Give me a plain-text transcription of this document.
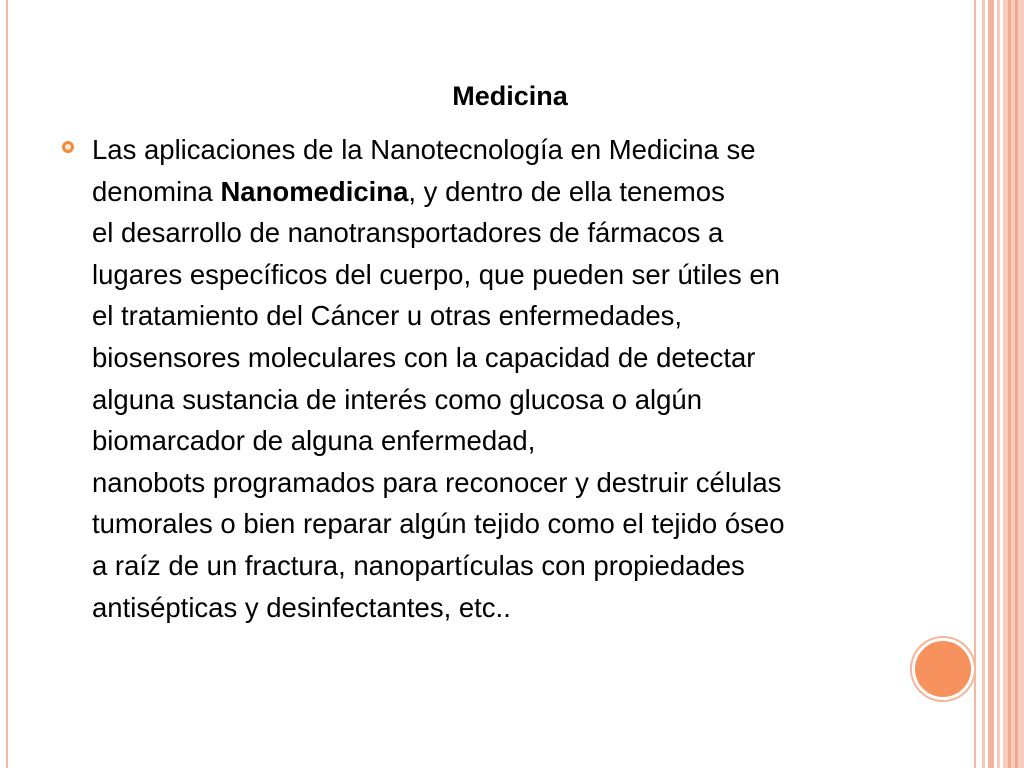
Medicina
Las aplicaciones de la Nanotecnología en Medicina se
denomina Nanomedicina, y dentro de ella tenemos
el desarrollo de nanotransportadores de fármacos a
lugares específicos del cuerpo, que pueden ser útiles en
el tratamiento del Cáncer u otras enfermedades,
biosensores moleculares con la capacidad de detectar
alguna sustancia de interés como glucosa o algún
biomarcador de alguna enfermedad,
nanobots programados para reconocer y destruir células
tumorales o bien reparar algún tejido como el tejido óseo
a raíz de un fractura, nanopartículas con propiedades
antisépticas y desinfectantes, etc..
